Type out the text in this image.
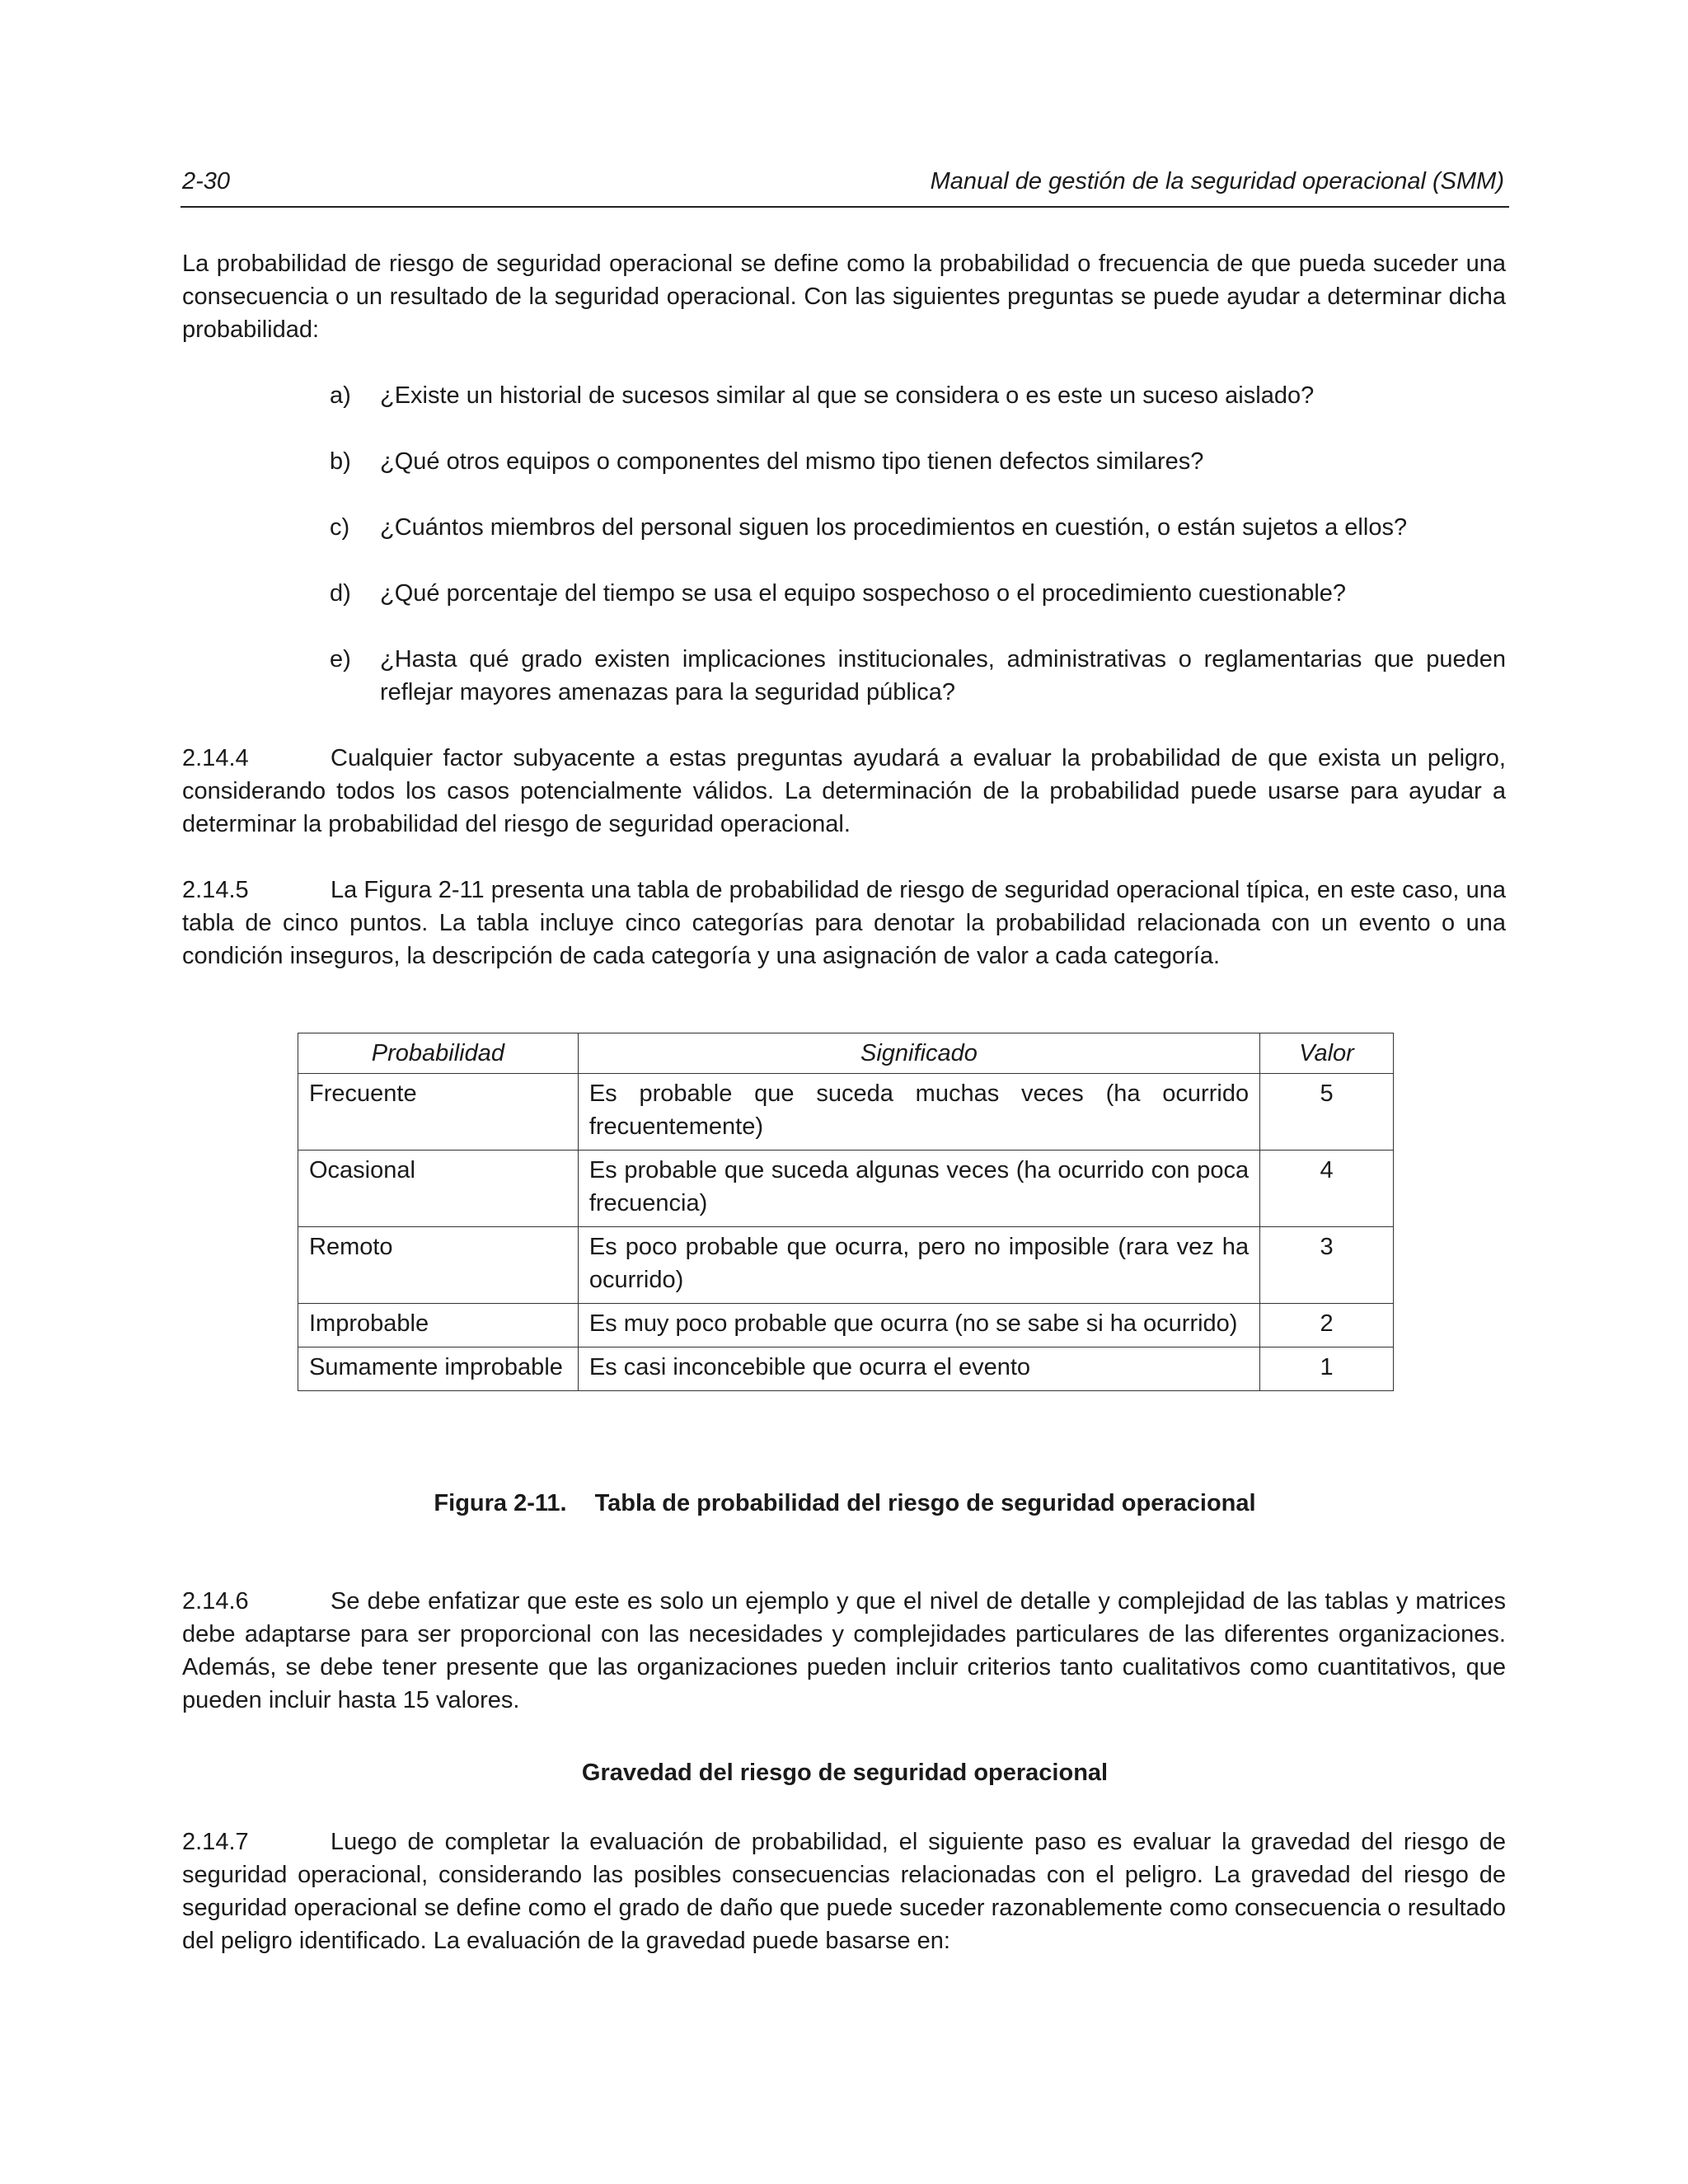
2-30	Manual de gestión de la seguridad operacional (SMM)
La probabilidad de riesgo de seguridad operacional se define como la probabilidad o frecuencia de que pueda suceder una consecuencia o un resultado de la seguridad operacional. Con las siguientes preguntas se puede ayudar a determinar dicha probabilidad:
a) ¿Existe un historial de sucesos similar al que se considera o es este un suceso aislado?
b) ¿Qué otros equipos o componentes del mismo tipo tienen defectos similares?
c) ¿Cuántos miembros del personal siguen los procedimientos en cuestión, o están sujetos a ellos?
d) ¿Qué porcentaje del tiempo se usa el equipo sospechoso o el procedimiento cuestionable?
e) ¿Hasta qué grado existen implicaciones institucionales, administrativas o reglamentarias que pueden reflejar mayores amenazas para la seguridad pública?
2.14.4	Cualquier factor subyacente a estas preguntas ayudará a evaluar la probabilidad de que exista un peligro, considerando todos los casos potencialmente válidos. La determinación de la probabilidad puede usarse para ayudar a determinar la probabilidad del riesgo de seguridad operacional.
2.14.5	La Figura 2-11 presenta una tabla de probabilidad de riesgo de seguridad operacional típica, en este caso, una tabla de cinco puntos. La tabla incluye cinco categorías para denotar la probabilidad relacionada con un evento o una condición inseguros, la descripción de cada categoría y una asignación de valor a cada categoría.
Probabilidad	Significado	Valor
Frecuente	Es probable que suceda muchas veces (ha ocurrido frecuentemente)	5
Ocasional	Es probable que suceda algunas veces (ha ocurrido con poca frecuencia)	4
Remoto	Es poco probable que ocurra, pero no imposible (rara vez ha ocurrido)	3
Improbable	Es muy poco probable que ocurra (no se sabe si ha ocurrido)	2
Sumamente improbable	Es casi inconcebible que ocurra el evento	1
Figura 2-11. Tabla de probabilidad del riesgo de seguridad operacional
2.14.6	Se debe enfatizar que este es solo un ejemplo y que el nivel de detalle y complejidad de las tablas y matrices debe adaptarse para ser proporcional con las necesidades y complejidades particulares de las diferentes organizaciones. Además, se debe tener presente que las organizaciones pueden incluir criterios tanto cualitativos como cuantitativos, que pueden incluir hasta 15 valores.
Gravedad del riesgo de seguridad operacional
2.14.7	Luego de completar la evaluación de probabilidad, el siguiente paso es evaluar la gravedad del riesgo de seguridad operacional, considerando las posibles consecuencias relacionadas con el peligro. La gravedad del riesgo de seguridad operacional se define como el grado de daño que puede suceder razonablemente como consecuencia o resultado del peligro identificado. La evaluación de la gravedad puede basarse en:
